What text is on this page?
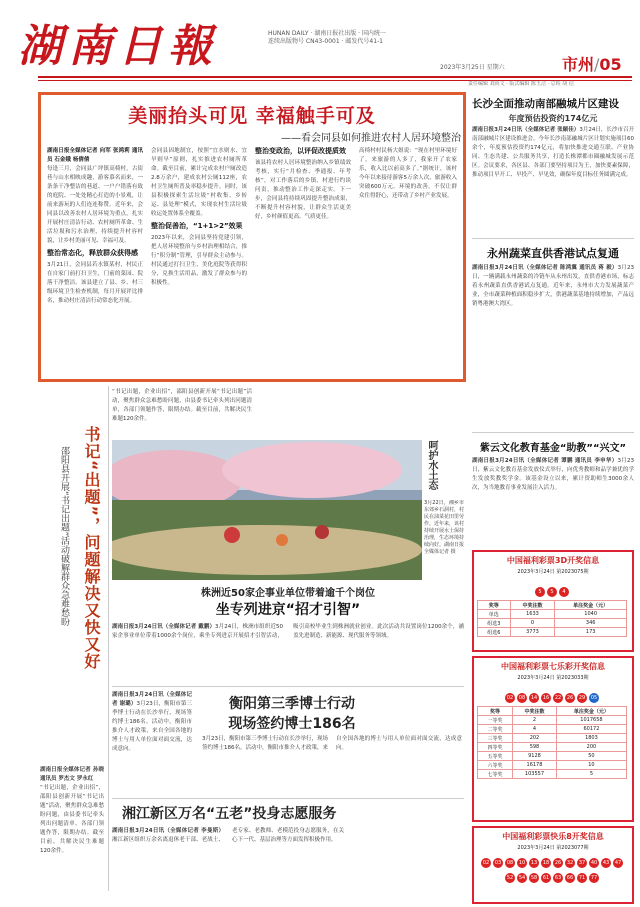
湖南日報	HUNAN DAILY · 湖南日报社出版 · 国内统一连续出版物号 CN43-0001 · 邮发代号41-1
2023年3月25日 星期六	市州/05
责任编辑 刘尚文 · 版式编辑 陈玉洁 · 总检 胡 信
美丽抬头可见 幸福触手可及
——看会同县如何推进农村人居环境整治
湖南日报全媒体记者 向军 张鸿莉 通讯员 石金娥 杨倩倩
每逢三月，会同县广坪镇高椅村，古街巷与山水相映成趣，游客慕名而来，一条条干净整洁的巷道、一户户错落有致的庭院、一处处精心打造的小景观，让前来游玩的人们连连称赞。近年来，会同县以改善农村人居环境为重点，扎实开展村庄清洁行动、农村厕所革命、生活垃圾和污水治理，持续提升村容村貌，让乡村美丽可见、幸福可及。
整治常态化，释放群众获得感
3月21日，会同县若水镇某村，村民正在自家门前打扫卫生，门前的菜园、院落干净整洁。该县建立了县、乡、村三级环境卫生检查机制，每月开展评比排名，推动村庄清洁行动常态化开展。
会同县因地制宜，按照“宜水则水、宜旱则旱”原则，扎实推进农村厕所革命。截至目前，累计完成农村户厕改造2.8万余户，建成农村公厕112座，农村卫生厕所普及率稳步提升。同时，该县积极探索生活垃圾“村收集、乡转运、县处理”模式，实现农村生活垃圾收运处置体系全覆盖。
整治促善治，“1+1>2”效果
2023年以来，会同县坚持党建引领，把人居环境整治与乡村治理相结合，推行“积分制”管理，引导群众主动参与。村民通过打扫卫生、美化庭院等获得积分，兑换生活用品，激发了群众参与的积极性。
整治变政治，以评促改提质效
该县将农村人居环境整治纳入乡镇绩效考核，实行“月检查、季通报、年考核”，对工作落后的乡镇、村进行约谈问责，推动整治工作走深走实。下一步，会同县将持续巩固提升整治成果，不断提升村容村貌，让群众生活更美好，乡村颜值更高、气质更佳。
高椅村村民杨大姐说：“现在村里环境好了，来旅游的人多了，我家开了农家乐，收入比以前高多了。”据统计，该村今年以来接待游客5万余人次，旅游收入突破600万元。环境的改善，不仅让群众住得舒心，还带动了乡村产业发展。
书记“出题”，问题解决又快又好
邵阳县开展“书记出题”活动破解群众急难愁盼
湖南日报全媒体记者 孙晓 通讯员 罗杰文 罗永红
“书记出题，企业出招”，邵阳县创新开展“书记出题”活动，聚焦群众急难愁盼问题，由县委书记牵头列出问题清单，各部门领题作答，限期办结。截至目前，共解决民生难题120余件。
“书记出题，企业出招”，邵阳县创新开展“书记出题”活动，聚焦群众急难愁盼问题，由县委书记牵头列出问题清单，各部门领题作答，限期办结。截至目前，共解决民生难题120余件。
呵护水土态
3月22日，湘乡市东郊乡石洞村，村民在油菜花田里劳作。近年来，该村持续开展水土保持治理，生态环境持续向好。湖南日报全媒体记者 摄
株洲近50家企事业单位带着逾千个岗位
坐专列进京“招才引智”
湖南日报3月24日讯（全媒体记者 戴鹏）3月24日，株洲市组织近50家企事业单位带着1000余个岗位，乘坐专列进京开展招才引智活动，吸引高校毕业生到株洲就业创业。此次活动共设置岗位1200余个，涵盖先进制造、新能源、现代服务等领域。
湖南日报3月24日讯（全媒体记者 谢璐）3月23日，衡阳市第三季博士行动在长沙举行，现场签约博士186名。活动中，衡阳市推介人才政策，来自全国各地的博士与用人单位面对面交流，达成意向。
衡阳第三季博士行动
现场签约博士186名
3月23日，衡阳市第三季博士行动在长沙举行，现场签约博士186名。活动中，衡阳市推介人才政策，来自全国各地的博士与用人单位面对面交流，达成意向。
湘江新区万名“五老”投身志愿服务
湖南日报3月24日讯（全媒体记者 李曼斯）湘江新区组织万余名离退休老干部、老战士、老专家、老教师、老模范投身志愿服务，在关心下一代、基层治理等方面发挥积极作用。
长沙全面推动南部融城片区建设
年度预估投资约174亿元
湖南日报3月24日讯（全媒体记者 张颐佳）3月24日，长沙市召开南部融城片区建设推进会。今年长沙南部融城片区计划实施项目60余个，年度预估投资约174亿元，将加快推进交通互联、产业协同、生态共建、公共服务共享，打造长株潭都市圈融城发展示范区。会议要求，各区县、各部门要坚持项目为王，加快要素保障，推动项目早开工、早投产、早见效，确保年度目标任务圆满完成。
永州蔬菜直供香港试点复通
湖南日报3月24日讯（全媒体记者 陈鸿翼 通讯员 蒋 毅）3月23日，一辆满载永州蔬菜的冷链车从永州出发，直供香港市场，标志着永州蔬菜直供香港试点复通。近年来，永州市大力发展蔬菜产业，全市蔬菜种植面积稳步扩大，供港蔬菜基地持续增加，产品远销粤港澳大湾区。
紫云文化教育基金“助教”“兴文”
湖南日报3月24日讯（全媒体记者 谭鹏 通讯员 李申华）3月23日，紫云文化教育基金发放仪式举行，向优秀教师和品学兼优的学生发放奖教奖学金。该基金设立以来，累计资助师生3000余人次，为当地教育事业发展注入活力。
中国福利彩票3D开奖信息
2023年3月24日 第2023075期
5 5 4
奖等	中奖注数	单注奖金（元）
单选	1633	1040
组选3	0	346
组选6	3773	173
中国福利彩票七乐彩开奖信息
2023年3月24日 第2023033期
02 08 14 16 22 26 29 05
奖等	中奖注数	单注奖金（元）
一等奖	2	1017658
二等奖	4	60172
三等奖	202	1803
四等奖	598	200
五等奖	9128	50
六等奖	16178	10
七等奖	103557	5
中国福利彩票快乐8开奖信息
2023年3月24日 第2023077期
02 03 08 10 13 18 26 32 37 40 43 4752 54 58 61 63 66 71 77
